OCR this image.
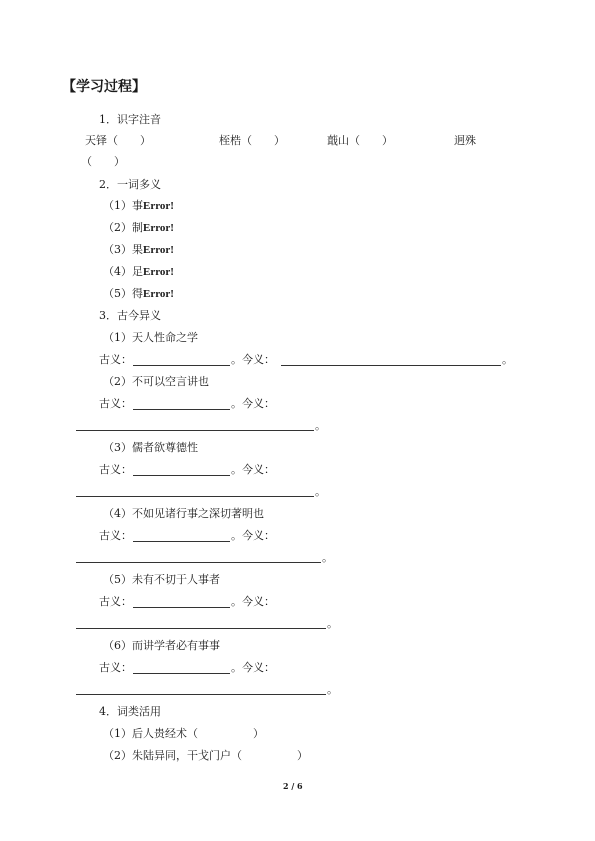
【学习过程】
1．识字注音
天铎（　　）	桎梏（　　）	蕺山（　　）	迥殊
（　　）
2．一词多义
（1）事Error!
（2）制Error!
（3）果Error!
（4）足Error!
（5）得Error!
3．古今异义
（1）天人性命之学
古义：	。今义：	。
（2）不可以空言讲也
古义：	。今义：
。
（3）儒者欲尊德性
古义：	。今义：
。
（4）不如见诸行事之深切著明也
古义：	。今义：
。
（5）未有不切于人事者
古义：	。今义：
。
（6）而讲学者必有事事
古义：	。今义：
。
4．词类活用
（1）后人贵经术（　　　　　）
（2）朱陆异同，干戈门户（　　　　　）
2 / 6
